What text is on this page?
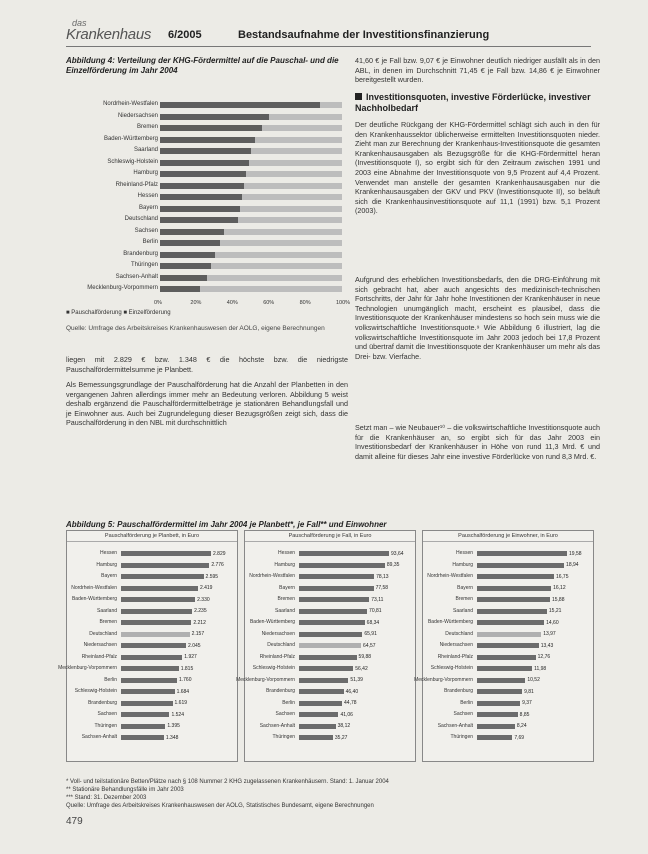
das
Krankenhaus 6/2005	Bestandsaufnahme der Investitionsfinanzierung
Abbildung 4: Verteilung der KHG-Fördermittel auf die Pauschal- und die Einzelförderung im Jahr 2004
Nordrhein-Westfalen
Niedersachsen
Bremen
Baden-Württemberg
Saarland
Schleswig-Holstein
Hamburg
Rheinland-Pfalz
Hessen
Bayern
Deutschland
Sachsen
Berlin
Brandenburg
Thüringen
Sachsen-Anhalt
Mecklenburg-Vorpommern
0%	20%	40%	60%	80%	100%
■ Pauschalförderung ■ Einzelförderung
Quelle: Umfrage des Arbeitskreises Krankenhauswesen der AOLG, eigene Berechnungen

liegen mit 2.829 € bzw. 1.348 € die höchste bzw. die niedrigste Pauschalfördermittelsumme je Planbett.

Als Bemessungsgrundlage der Pauschalförderung hat die Anzahl der Planbetten in den vergangenen Jahren allerdings immer mehr an Bedeutung verloren. Abbildung 5 weist deshalb ergänzend die Pauschalfördermittelbeträge je stationären Behandlungsfall und je Einwohner aus. Auch bei Zugrundelegung dieser Bezugsgrößen zeigt sich, dass die Pauschalförderung in den NBL mit durchschnittlich

41,60 € je Fall bzw. 9,07 € je Einwohner deutlich niedriger ausfällt als in den ABL, in denen im Durchschnitt 71,45 € je Fall bzw. 14,86 € je Einwohner bereitgestellt wurden.

Investitionsquoten, investive Förderlücke, investiver Nachholbedarf

Der deutliche Rückgang der KHG-Fördermittel schlägt sich auch in den für den Krankenhaussektor üblicherweise ermittelten Investitionsquoten nieder. Zieht man zur Berechnung der Krankenhaus-Investitionsquote die gesamten Krankenhausausgaben als Bezugsgröße für die KHG-Fördermittel heran (Investitionsquote I), so ergibt sich für den Zeitraum zwischen 1991 und 2003 eine Abnahme der Investitionsquote von 9,5 Prozent auf 4,4 Prozent. Verwendet man anstelle der gesamten Krankenhausausgaben nur die Krankenhausausgaben der GKV und PKV (Investitionsquote II), so beläuft sich die Krankenhausinvestitionsquote auf 11,1 (1991) bzw. 5,1 Prozent (2003).

Aufgrund des erheblichen Investitionsbedarfs, den die DRG-Einführung mit sich gebracht hat, aber auch angesichts des medizinisch-technischen Fortschritts, der Jahr für Jahr hohe Investitionen der Krankenhäuser in neue Technologien unumgänglich macht, erscheint es plausibel, dass die Investitionsquote der Krankenhäuser mindestens so hoch sein muss wie die volkswirtschaftliche Investitionsquote.⁹ Wie Abbildung 6 illustriert, lag die volkswirtschaftliche Investitionsquote im Jahr 2003 jedoch bei 17,8 Prozent und übertraf damit die Investitionsquote der Krankenhäuser um mehr als das Drei- bzw. Vierfache.

Setzt man – wie Neubauer¹⁰ – die volkswirtschaftliche Investitionsquote auch für die Krankenhäuser an, so ergibt sich für das Jahr 2003 ein Investitionsbedarf der Krankenhäuser in Höhe von rund 11,3 Mrd. € und damit alleine für dieses Jahr eine investive Förderlücke von rund 8,3 Mrd. €.

Abbildung 5: Pauschalfördermittel im Jahr 2004 je Planbett*, je Fall** und Einwohner
Pauschalförderung je Planbett, in Euro
Hessen	2.829
Hamburg	2.776
Bayern	2.595
Nordrhein-Westfalen	2.419
Baden-Württemberg	2.330
Saarland	2.235
Bremen	2.212
Deutschland	2.157
Niedersachsen	2.045
Rheinland-Pfalz	1.927
Mecklenburg-Vorpommern	1.815
Berlin	1.760
Schleswig-Holstein	1.684
Brandenburg	1.619
Sachsen	1.524
Thüringen	1.395
Sachsen-Anhalt	1.348
Pauschalförderung je Fall, in Euro
Hessen	93,64
Hamburg	89,35
Nordrhein-Westfalen	78,13
Bayern	77,58
Bremen	73,11
Saarland	70,81
Baden-Württemberg	68,34
Niedersachsen	65,91
Deutschland	64,57
Rheinland-Pfalz	59,88
Schleswig-Holstein	56,42
Mecklenburg-Vorpommern	51,39
Brandenburg	46,40
Berlin	44,78
Sachsen	41,06
Sachsen-Anhalt	38,12
Thüringen	35,27
Pauschalförderung je Einwohner, in Euro
Hessen	19,58
Hamburg	18,94
Nordrhein-Westfalen	16,75
Bayern	16,12
Bremen	15,88
Saarland	15,21
Baden-Württemberg	14,60
Deutschland	13,97
Niedersachsen	13,43
Rheinland-Pfalz	12,76
Schleswig-Holstein	11,98
Mecklenburg-Vorpommern	10,52
Brandenburg	9,81
Berlin	9,37
Sachsen	8,85
Sachsen-Anhalt	8,24
Thüringen	7,69
* Voll- und teilstationäre Betten/Plätze nach § 108 Nummer 2 KHG zugelassenen Krankenhäusern. Stand: 1. Januar 2004
** Stationäre Behandlungsfälle im Jahr 2003
*** Stand: 31. Dezember 2003
Quelle: Umfrage des Arbeitskreises Krankenhauswesen der AOLG, Statistisches Bundesamt, eigene Berechnungen
479
